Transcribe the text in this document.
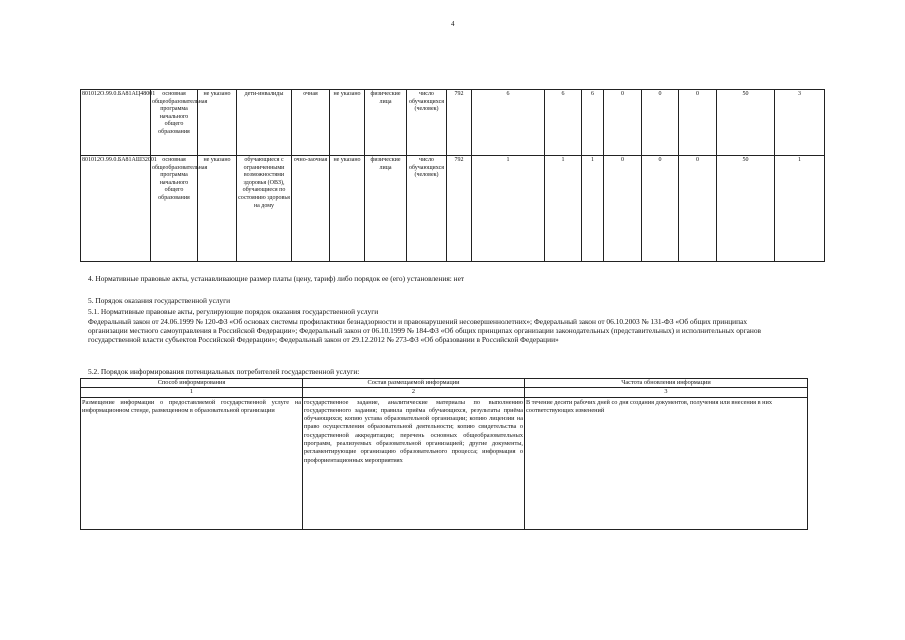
4
801012О.99.0.БА81АЦ48001	основная общеобразовательная программа начального общего образования	не указано	дети-инвалиды	очная	не указано	физические лица	число обучающихся (человек)	792	6	6	6	0	0	0	50	3
801012О.99.0.БА81АШ32001	основная общеобразовательная программа начального общего образования	не указано	обучающиеся с ограниченными возможностями здоровья (ОВЗ), обучающиеся по состоянию здоровья на дому	очно-заочная	не указано	физические лица	число обучающихся (человек)	792	1	1	1	0	0	0	50	1
4. Нормативные правовые акты, устанавливающие размер платы (цену, тариф) либо порядок ее (его) установления: нет
5. Порядок оказания государственной услуги
5.1. Нормативные правовые акты, регулирующие порядок оказания государственной услуги
Федеральный закон от 24.06.1999 № 120-ФЗ «Об основах системы профилактики безнадзорности и правонарушений несовершеннолетних»; Федеральный закон от 06.10.2003 № 131-ФЗ «Об общих принципах организации местного самоуправления в Российской Федерации»; Федеральный закон от 06.10.1999 № 184-ФЗ «Об общих принципах организации законодательных (представительных) и исполнительных органов государственной власти субъектов Российской Федерации»; Федеральный закон от 29.12.2012 № 273-ФЗ «Об образовании в Российской Федерации»
5.2. Порядок информирования потенциальных потребителей государственной услуги:
Способ информирования	Состав размещаемой информации	Частота обновления информации
1	2	3
Размещение информации о предоставляемой государственной услуге на информационном стенде, размещенном в образовательной организации	государственное задание, аналитические материалы по выполнению государственного задания; правила приёма обучающихся, результаты приёма обучающихся; копию устава образовательной организации; копию лицензии на право осуществления образовательной деятельности; копию свидетельства о государственной аккредитации; перечень основных общеобразовательных программ, реализуемых образовательной организацией; другие документы, регламентирующие организацию образовательного процесса; информация о профориентационных мероприятиях	В течение десяти рабочих дней со дня создания документов, получения или внесения в них соответствующих изменений
